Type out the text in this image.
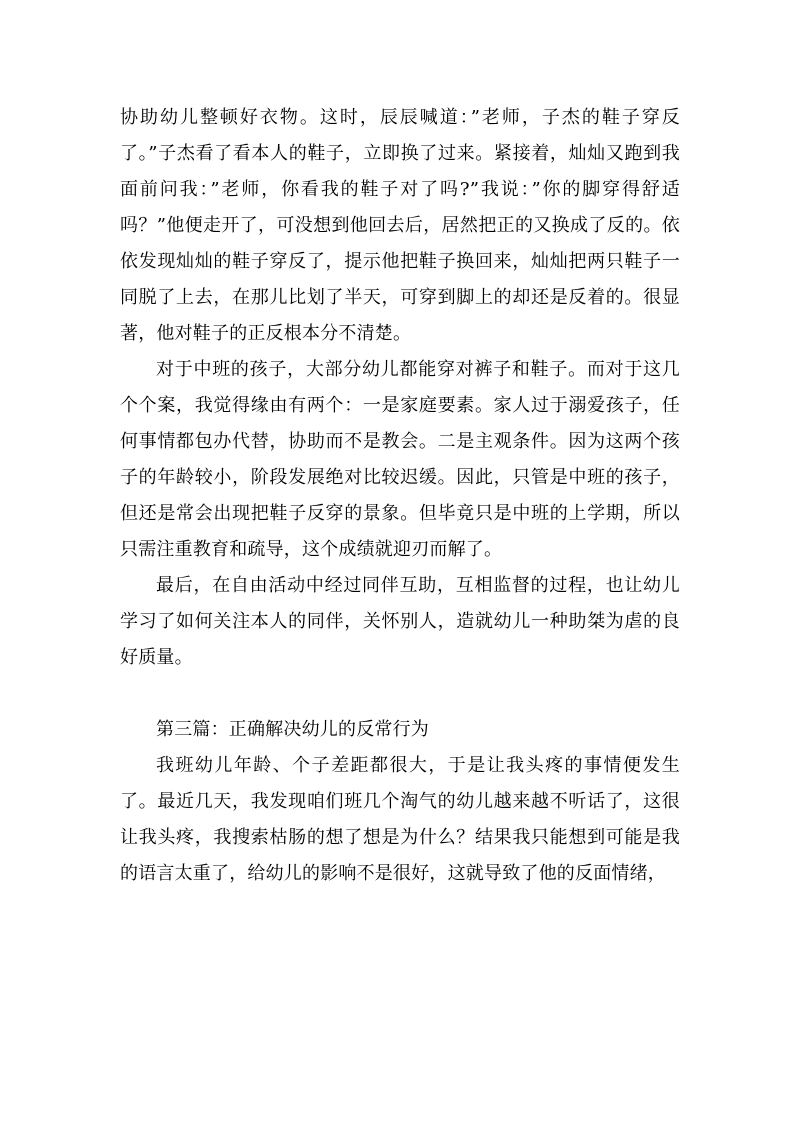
协助幼儿整顿好衣物。这时，辰辰喊道：”老师，子杰的鞋子穿反了。”子杰看了看本人的鞋子，立即换了过来。紧接着，灿灿又跑到我面前问我：”老师，你看我的鞋子对了吗?”我说：”你的脚穿得舒适吗？”他便走开了，可没想到他回去后，居然把正的又换成了反的。依依发现灿灿的鞋子穿反了，提示他把鞋子换回来，灿灿把两只鞋子一同脱了上去，在那儿比划了半天，可穿到脚上的却还是反着的。很显著，他对鞋子的正反根本分不清楚。

对于中班的孩子，大部分幼儿都能穿对裤子和鞋子。而对于这几个个案，我觉得缘由有两个：一是家庭要素。家人过于溺爱孩子，任何事情都包办代替，协助而不是教会。二是主观条件。因为这两个孩子的年龄较小，阶段发展绝对比较迟缓。因此，只管是中班的孩子，但还是常会出现把鞋子反穿的景象。但毕竟只是中班的上学期，所以只需注重教育和疏导，这个成绩就迎刃而解了。

最后，在自由活动中经过同伴互助，互相监督的过程，也让幼儿学习了如何关注本人的同伴，关怀别人，造就幼儿一种助桀为虐的良好质量。

第三篇：正确解决幼儿的反常行为

我班幼儿年龄、个子差距都很大，于是让我头疼的事情便发生了。最近几天，我发现咱们班几个淘气的幼儿越来越不听话了，这很让我头疼，我搜索枯肠的想了想是为什么？结果我只能想到可能是我的语言太重了，给幼儿的影响不是很好，这就导致了他的反面情绪，
